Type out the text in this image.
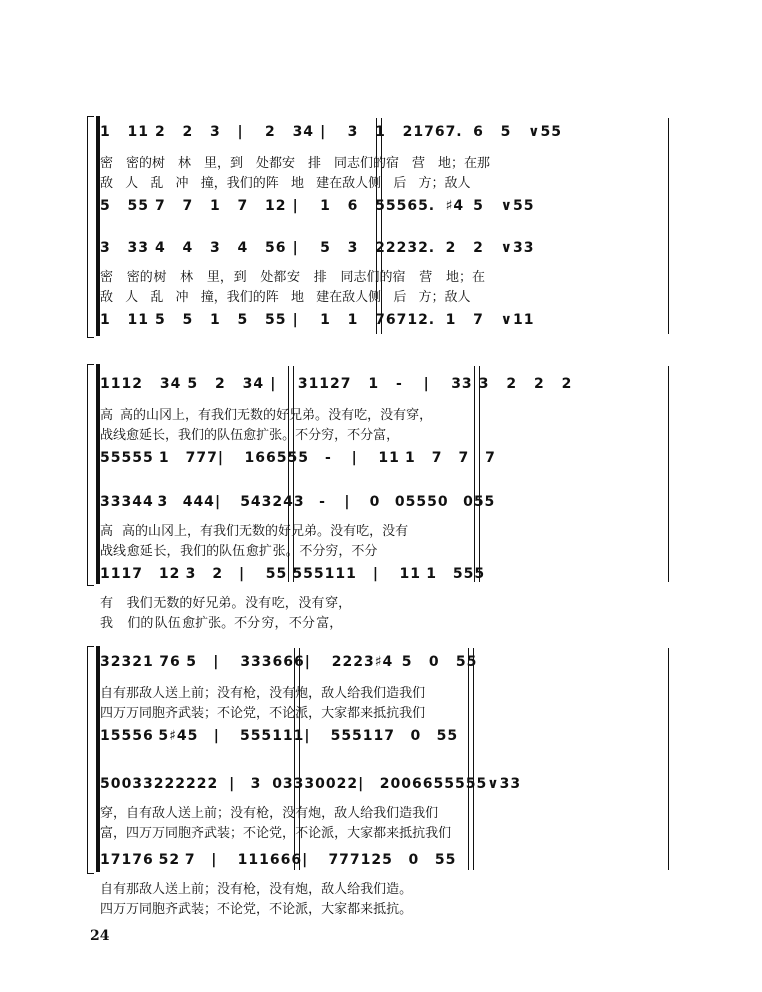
1	11 2	2	3	|	2	34 |	3	1	2176 7. 6	5	∨55
密 密的 树 林 里， 到 处都 安 排 同志们的 宿 营 地；在那
敌 人 乱 冲 撞， 我们的 阵 地 建在敌人 侧 后 方；敌人
5	55 7	7	1	7	12 |	1	6	5556 5. ♯4 5	∨55
3	33 4	4	3	4	56 |	5	3	2223 2. 2	2	∨33
密	密的 树	林	里， 到	处都 安	排	同志们的 宿	营	地；在
敌 人 乱 冲 撞， 我们的 阵 地 建在敌人 侧 后 方；敌人
1	11 5	5	1	5	55 |	1	1	7671 2. 1	7	∨11
111 2	34 5	2	34 |	3112 7	1	-	|	33 3	2	2	2
高 高的山冈 上， 有我们 无数的好兄 弟。 没有吃， 没有穿，
战线 愈延 长， 我们的 队伍 愈扩 张。 不分穷， 不分富，
555 55 1	777 |	16655 5	-	|	11 1	7	7	7
333 44 3	444 |	54324 3	-	|	0	0555 0	055
高 高的山冈 上， 有我们 无数的好兄 弟。 没有吃， 没有
战线 愈延 长， 我们的 队伍 愈扩 张。 不分穷， 不分
111 7	12 3	2	|	55 55511 1	|	11 1	555
有	我们 无数的好兄 弟。 没有 吃， 没有 穿，
我	们的 队伍 愈扩张。 不分 穷， 不分 富，
323 21 76 5	|	333 666 |	2223 ♯4 5	0	55
自有那敌人 送上 前； 没有枪， 没有炮， 敌人给我们造 我们
四万万同胞 齐武 装； 不论党， 不论派， 大家都来抵抗 我们
155 56 5♯4 5	|	555 111 |	55511 7	0	55
50 0332 2222 2 |	3 03330 022 |	20 066 5555 5∨33
穿， 自有敌人 送上 前； 没有枪， 没有炮， 敌人给我们造 我们
富， 四万万同胞齐武 装； 不论党， 不论派， 大家都来抵抗 我们
171 76 52 7	|	111 666 |	77712 5	0	55
自有那敌人 送上 前； 没有枪， 没有炮， 敌人给我们 造。
四万万同胞 齐武 装； 不论党， 不论派， 大家都来抵 抗。
24
